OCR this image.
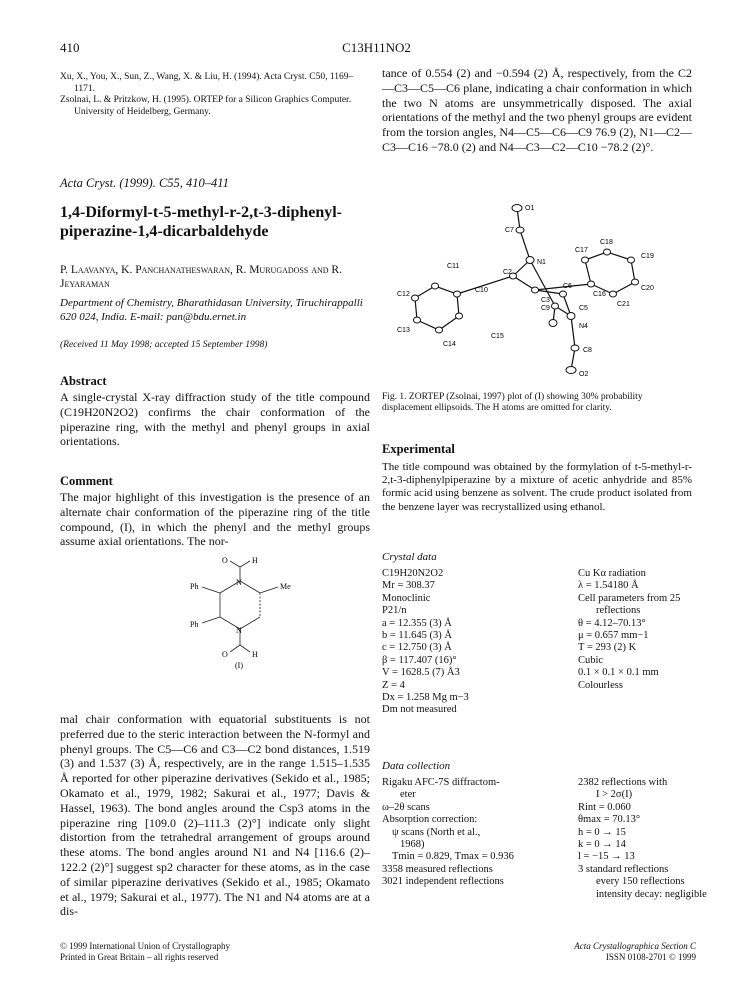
410	C13H11NO2
Xu, X., You, X., Sun, Z., Wang, X. & Liu, H. (1994). Acta Cryst. C50, 1169–1171.
Zsolnai, L. & Pritzkow, H. (1995). ORTEP for a Silicon Graphics Computer. University of Heidelberg, Germany.
Acta Cryst. (1999). C55, 410–411
1,4-Diformyl-t-5-methyl-r-2,t-3-diphenyl-piperazine-1,4-dicarbaldehyde
P. Laavanya, K. Panchanatheswaran, R. Murugadoss and R. Jeyaraman
Department of Chemistry, Bharathidasan University, Tiruchirappalli 620 024, India. E-mail: pan@bdu.ernet.in
(Received 11 May 1998; accepted 15 September 1998)
Abstract
A single-crystal X-ray diffraction study of the title compound (C19H20N2O2) confirms the chair conformation of the piperazine ring, with the methyl and phenyl groups in axial orientations.
Comment
The major highlight of this investigation is the presence of an alternate chair conformation of the piperazine ring of the title compound, (I), in which the phenyl and the methyl groups assume axial orientations. The nor-
O	H
N
Ph	Me
Ph
N
O	H
(I)
mal chair conformation with equatorial substituents is not preferred due to the steric interaction between the N-formyl and phenyl groups. The C5—C6 and C3—C2 bond distances, 1.519 (3) and 1.537 (3) Å, respectively, are in the range 1.515–1.535 Å reported for other piperazine derivatives (Sekido et al., 1985; Okamato et al., 1979, 1982; Sakurai et al., 1977; Davis & Hassel, 1963). The bond angles around the Csp3 atoms in the piperazine ring [109.0 (2)–111.3 (2)°] indicate only slight distortion from the tetrahedral arrangement of groups around these atoms. The bond angles around N1 and N4 [116.6 (2)–122.2 (2)°] suggest sp2 character for these atoms, as in the case of similar piperazine derivatives (Sekido et al., 1985; Okamato et al., 1979; Sakurai et al., 1977). The N1 and N4 atoms are at a dis-
tance of 0.554 (2) and −0.594 (2) Å, respectively, from the C2—C3—C5—C6 plane, indicating a chair conformation in which the two N atoms are unsymmetrically disposed. The axial orientations of the methyl and the two phenyl groups are evident from the torsion angles, N4—C5—C6—C9 76.9 (2), N1—C2—C3—C16 −78.0 (2) and N4—C3—C2—C10 −78.2 (2)°.
O1
C7
N1
C2
C18
C19
C17
C11
C10
C6
C16
C20
C12
C9
C3
C5
C21
N4
C13
C15
C14
C8
O2
Fig. 1. ZORTEP (Zsolnai, 1997) plot of (I) showing 30% probability displacement ellipsoids. The H atoms are omitted for clarity.
Experimental
The title compound was obtained by the formylation of t-5-methyl-r-2,t-3-diphenylpiperazine by a mixture of acetic anhydride and 85% formic acid using benzene as solvent. The crude product isolated from the benzene layer was recrystallized using ethanol.
Crystal data
C19H20N2O2
Mr = 308.37
Monoclinic
P21/n
a = 12.355 (3) Å
b = 11.645 (3) Å
c = 12.750 (3) Å
β = 117.407 (16)°
V = 1628.5 (7) Å3
Z = 4
Dx = 1.258 Mg m−3
Dm not measured
Cu Kα radiation
λ = 1.54180 Å
Cell parameters from 25
reflections
θ = 4.12–70.13°
μ = 0.657 mm−1
T = 293 (2) K
Cubic
0.1 × 0.1 × 0.1 mm
Colourless
Data collection
Rigaku AFC-7S diffractom-
eter
ω–2θ scans
Absorption correction:
ψ scans (North et al.,
1968)
Tmin = 0.829, Tmax = 0.936
3358 measured reflections
3021 independent reflections
2382 reflections with
I > 2σ(I)
Rint = 0.060
θmax = 70.13°
h = 0 → 15
k = 0 → 14
l = −15 → 13
3 standard reflections
every 150 reflections
intensity decay: negligible
© 1999 International Union of Crystallography
Printed in Great Britain – all rights reserved
Acta Crystallographica Section C
ISSN 0108-2701 © 1999
